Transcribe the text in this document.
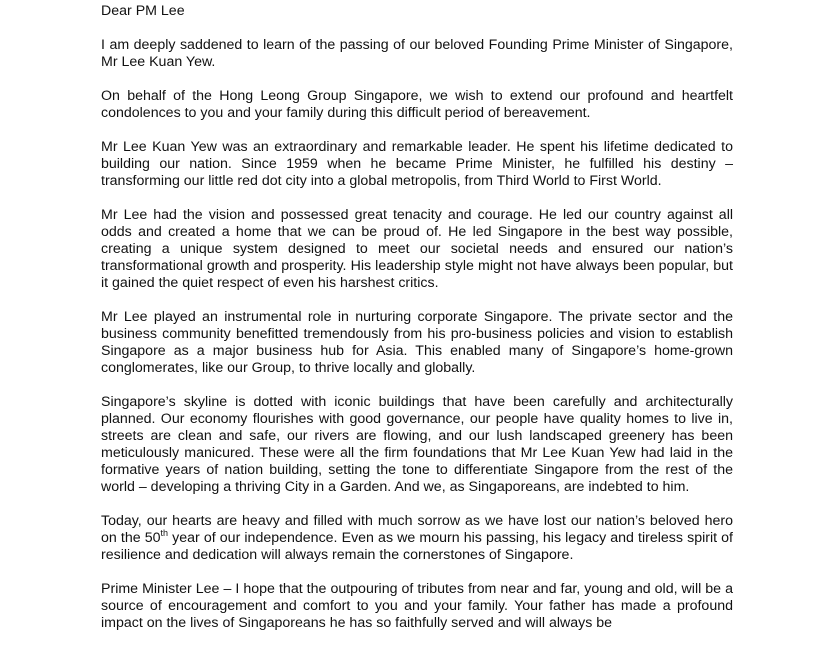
Dear PM Lee

I am deeply saddened to learn of the passing of our beloved Founding Prime Minister of Singapore, Mr Lee Kuan Yew.

On behalf of the Hong Leong Group Singapore, we wish to extend our profound and heartfelt condolences to you and your family during this difficult period of bereavement.

Mr Lee Kuan Yew was an extraordinary and remarkable leader. He spent his lifetime dedicated to building our nation. Since 1959 when he became Prime Minister, he fulfilled his destiny – transforming our little red dot city into a global metropolis, from Third World to First World.

Mr Lee had the vision and possessed great tenacity and courage. He led our country against all odds and created a home that we can be proud of. He led Singapore in the best way possible, creating a unique system designed to meet our societal needs and ensured our nation’s transformational growth and prosperity. His leadership style might not have always been popular, but it gained the quiet respect of even his harshest critics.

Mr Lee played an instrumental role in nurturing corporate Singapore. The private sector and the business community benefitted tremendously from his pro-business policies and vision to establish Singapore as a major business hub for Asia. This enabled many of Singapore’s home-grown conglomerates, like our Group, to thrive locally and globally.

Singapore’s skyline is dotted with iconic buildings that have been carefully and architecturally planned. Our economy flourishes with good governance, our people have quality homes to live in, streets are clean and safe, our rivers are flowing, and our lush landscaped greenery has been meticulously manicured. These were all the firm foundations that Mr Lee Kuan Yew had laid in the formative years of nation building, setting the tone to differentiate Singapore from the rest of the world – developing a thriving City in a Garden. And we, as Singaporeans, are indebted to him.

Today, our hearts are heavy and filled with much sorrow as we have lost our nation’s beloved hero on the 50th year of our independence. Even as we mourn his passing, his legacy and tireless spirit of resilience and dedication will always remain the cornerstones of Singapore.

Prime Minister Lee – I hope that the outpouring of tributes from near and far, young and old, will be a source of encouragement and comfort to you and your family. Your father has made a profound impact on the lives of Singaporeans he has so faithfully served and will always be
